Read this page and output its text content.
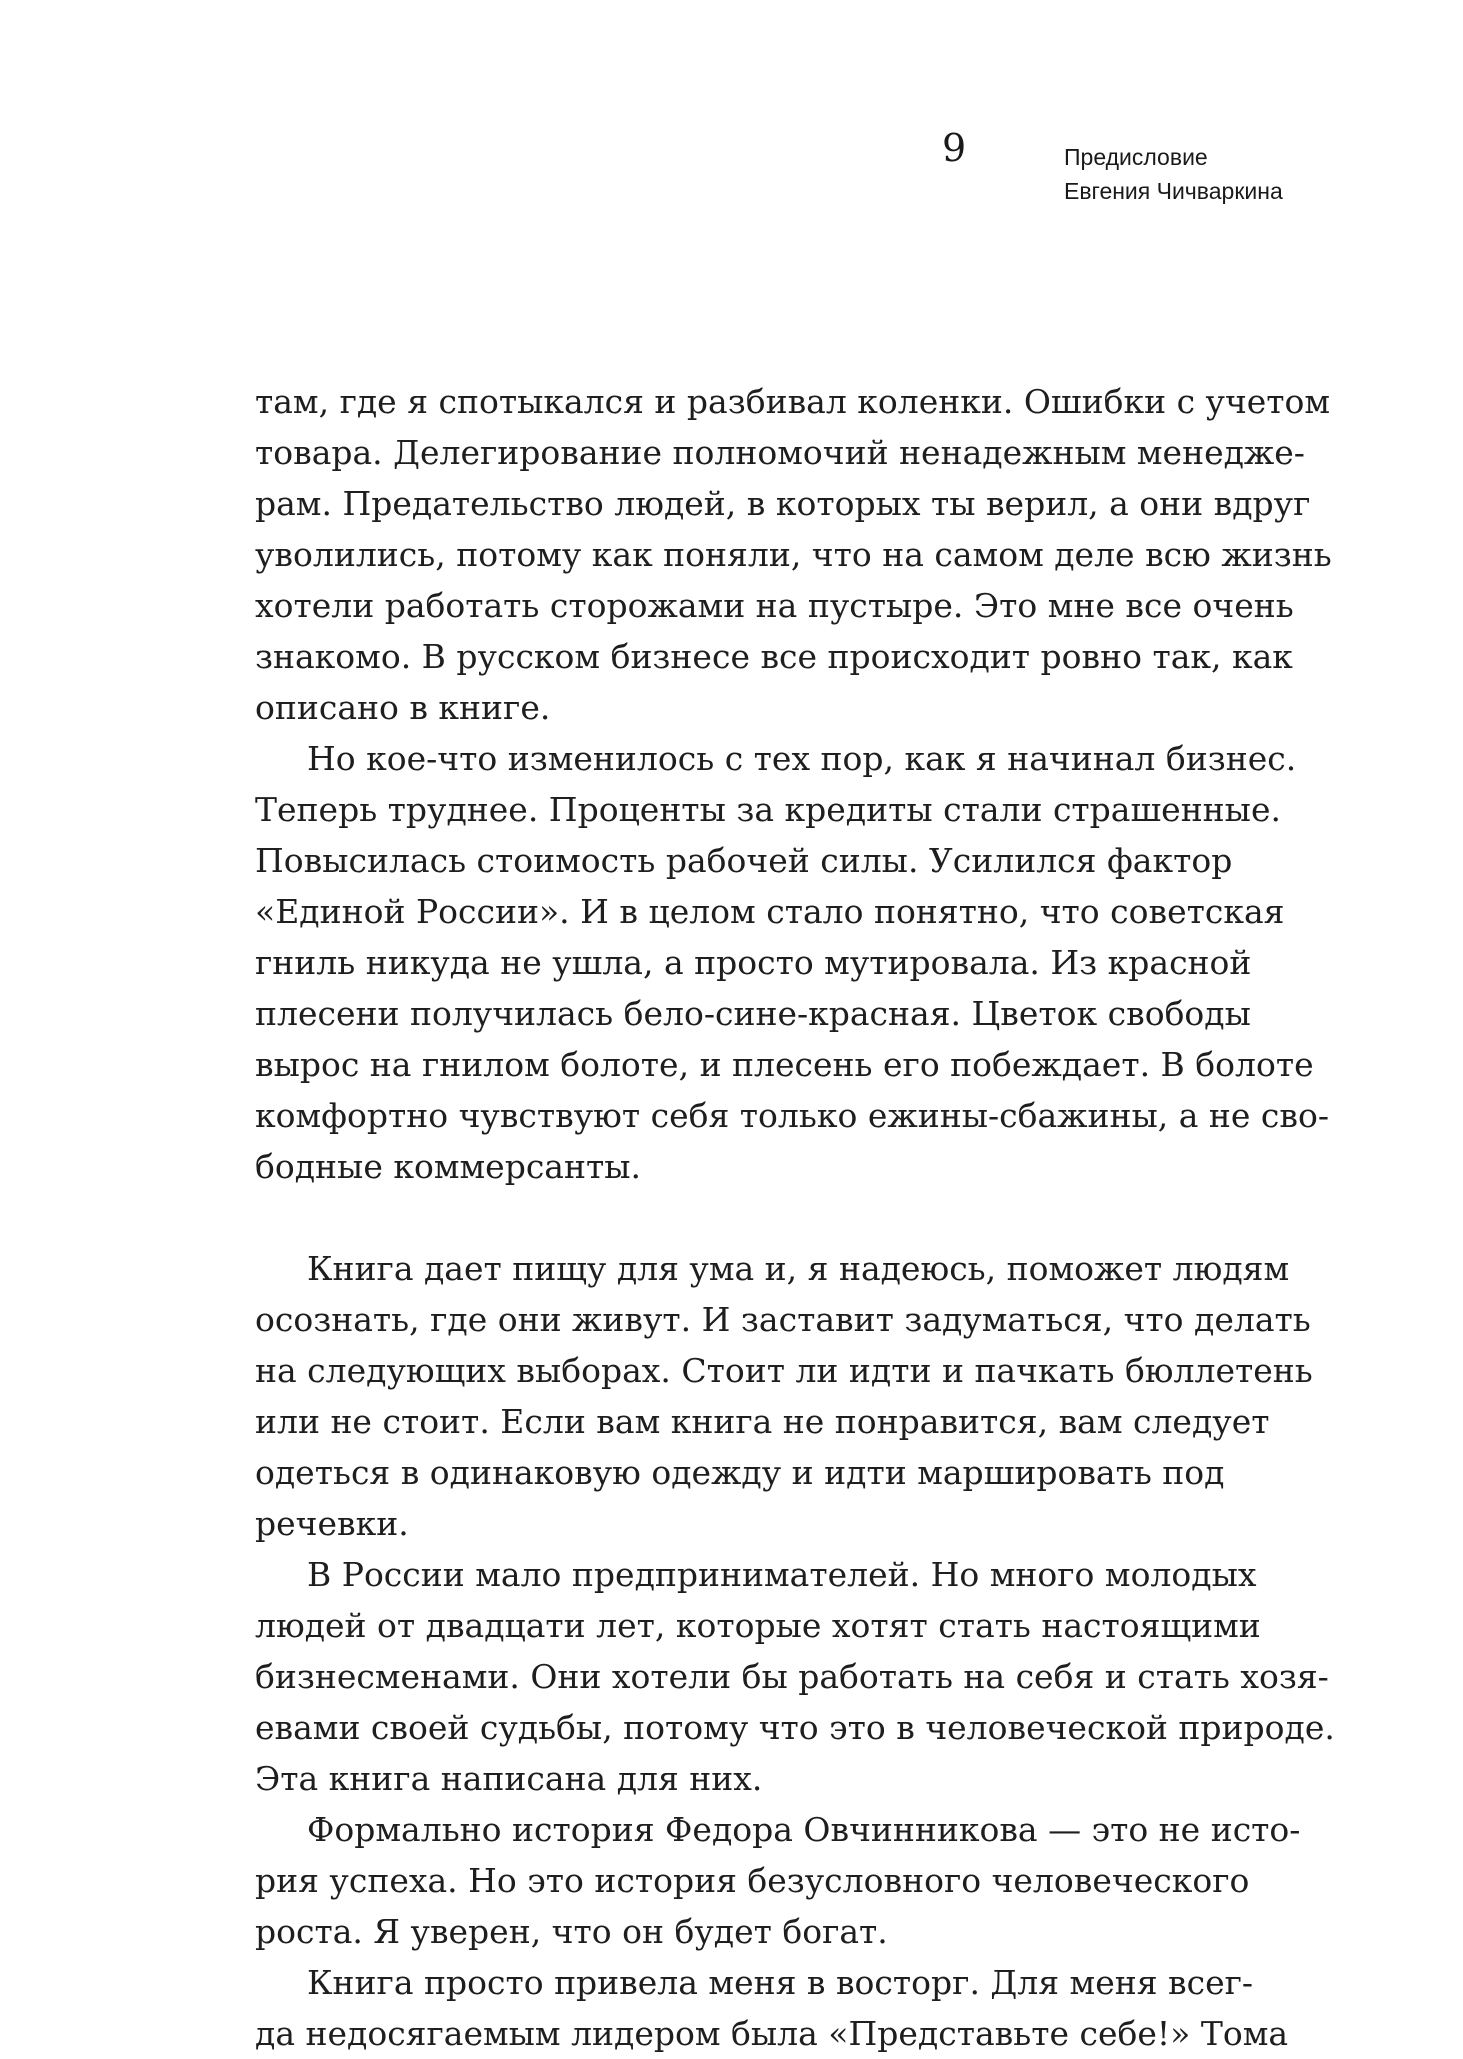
9	Предисловие
Евгения Чичваркина
там, где я спотыкался и разбивал коленки. Ошибки с учетом
товара. Делегирование полномочий ненадежным менедже-
рам. Предательство людей, в которых ты верил, а они вдруг
уволились, потому как поняли, что на самом деле всю жизнь
хотели работать сторожами на пустыре. Это мне все очень
знакомо. В русском бизнесе все происходит ровно так, как
описано в книге.
Но кое-что изменилось с тех пор, как я начинал бизнес.
Теперь труднее. Проценты за кредиты стали страшенные.
Повысилась стоимость рабочей силы. Усилился фактор
«Единой России». И в целом стало понятно, что советская
гниль никуда не ушла, а просто мутировала. Из красной
плесени получилась бело-сине-красная. Цветок свободы
вырос на гнилом болоте, и плесень его побеждает. В болоте
комфортно чувствуют себя только ежины-сбажины, а не сво-
бодные коммерсанты.
Книга дает пищу для ума и, я надеюсь, поможет людям
осознать, где они живут. И заставит задуматься, что делать
на следующих выборах. Стоит ли идти и пачкать бюллетень
или не стоит. Если вам книга не понравится, вам следует
одеться в одинаковую одежду и идти маршировать под
речевки.
В России мало предпринимателей. Но много молодых
людей от двадцати лет, которые хотят стать настоящими
бизнесменами. Они хотели бы работать на себя и стать хозя-
евами своей судьбы, потому что это в человеческой природе.
Эта книга написана для них.
Формально история Федора Овчинникова — это не исто-
рия успеха. Но это история безусловного человеческого
роста. Я уверен, что он будет богат.
Книга просто привела меня в восторг. Для меня всег-
да недосягаемым лидером была «Представьте себе!» Тома
